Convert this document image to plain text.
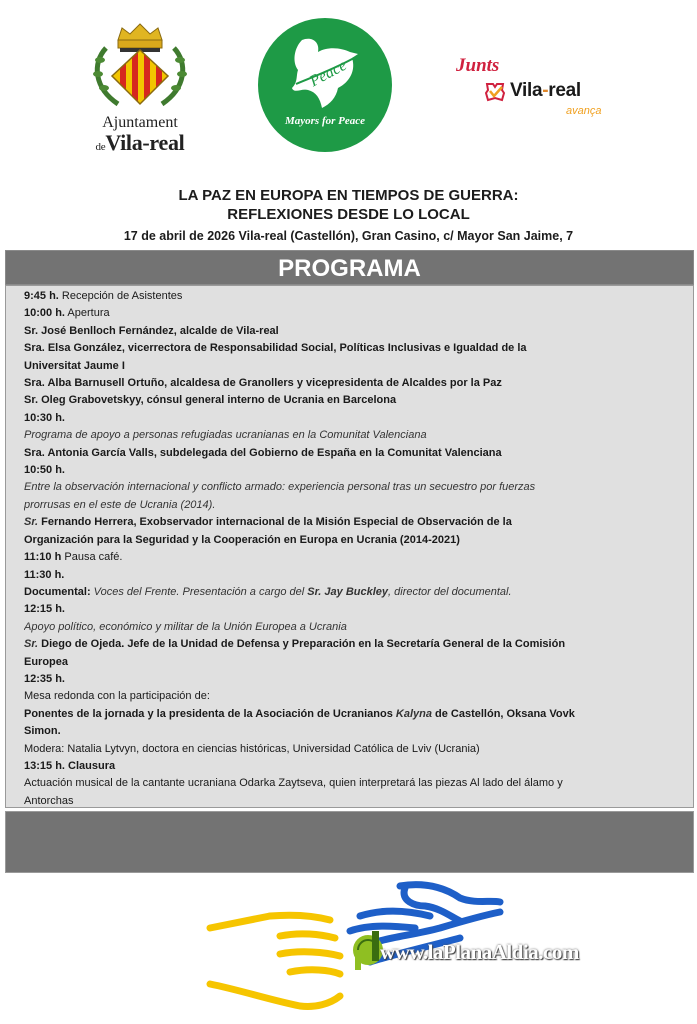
Ajuntament
deVila-real
Peace
Mayors for Peace
Junts
Vila-real
avança
LA PAZ EN EUROPA EN TIEMPOS DE GUERRA:
REFLEXIONES DESDE LO LOCAL
17 de abril de 2026 Vila-real (Castellón), Gran Casino, c/ Mayor San Jaime, 7
PROGRAMA
9:45 h. Recepción de Asistentes
10:00 h. Apertura
Sr. José Benlloch Fernández, alcalde de Vila-real
Sra. Elsa González, vicerrectora de Responsabilidad Social, Políticas Inclusivas e Igualdad de la
Universitat Jaume I
Sra. Alba Barnusell Ortuño, alcaldesa de Granollers y vicepresidenta de Alcaldes por la Paz
Sr. Oleg Grabovetskyy, cónsul general interno de Ucrania en Barcelona
10:30 h.
Programa de apoyo a personas refugiadas ucranianas en la Comunitat Valenciana
Sra. Antonia García Valls, subdelegada del Gobierno de España en la Comunitat Valenciana
10:50 h.
Entre la observación internacional y conflicto armado: experiencia personal tras un secuestro por fuerzas
prorrusas en el este de Ucrania (2014).
Sr. Fernando Herrera, Exobservador internacional de la Misión Especial de Observación de la
Organización para la Seguridad y la Cooperación en Europa en Ucrania (2014-2021)
11:10 h Pausa café.
11:30 h.
Documental: Voces del Frente. Presentación a cargo del Sr. Jay Buckley, director del documental.
12:15 h.
Apoyo político, económico y militar de la Unión Europea a Ucrania
Sr. Diego de Ojeda. Jefe de la Unidad de Defensa y Preparación en la Secretaría General de la Comisión
Europea
12:35 h.
Mesa redonda con la participación de:
Ponentes de la jornada y la presidenta de la Asociación de Ucranianos Kalyna de Castellón, Oksana Vovk
Simon.
Modera: Natalia Lytvyn, doctora en ciencias históricas, Universidad Católica de Lviv (Ucrania)
13:15 h. Clausura
Actuación musical de la cantante ucraniana Odarka Zaytseva, quien interpretará las piezas Al lado del álamo y
Antorchas
www.laPlanaAldia.com
